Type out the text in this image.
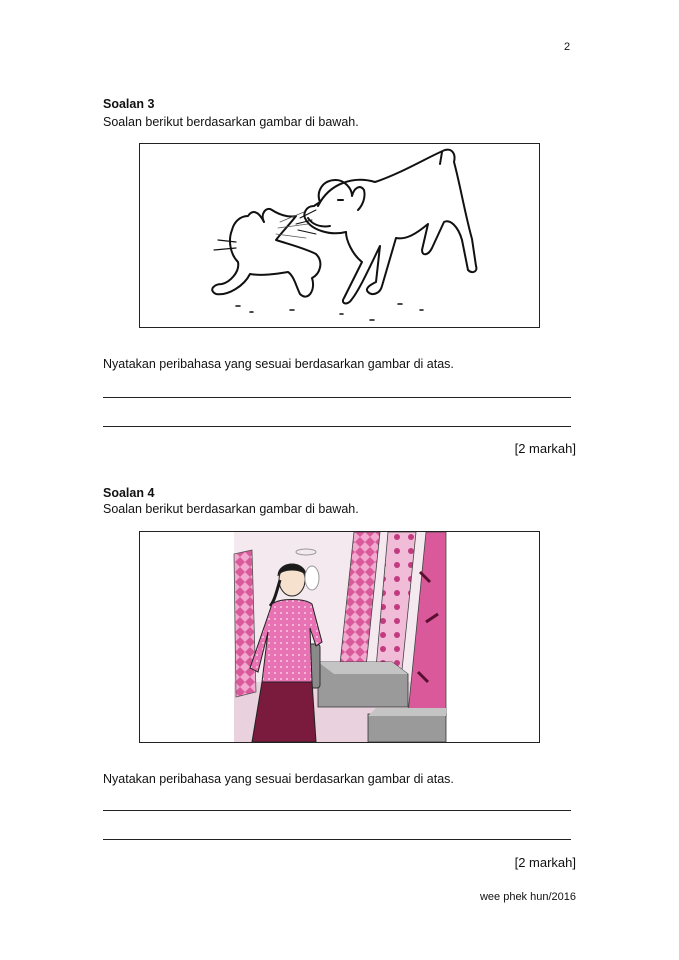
2
Soalan 3
Soalan berikut berdasarkan gambar di bawah.
Nyatakan peribahasa yang sesuai berdasarkan gambar di atas.
[2 markah]
Soalan 4
Soalan berikut berdasarkan gambar di bawah.
Nyatakan peribahasa yang sesuai berdasarkan gambar di atas.
[2 markah]
wee phek hun/2016
